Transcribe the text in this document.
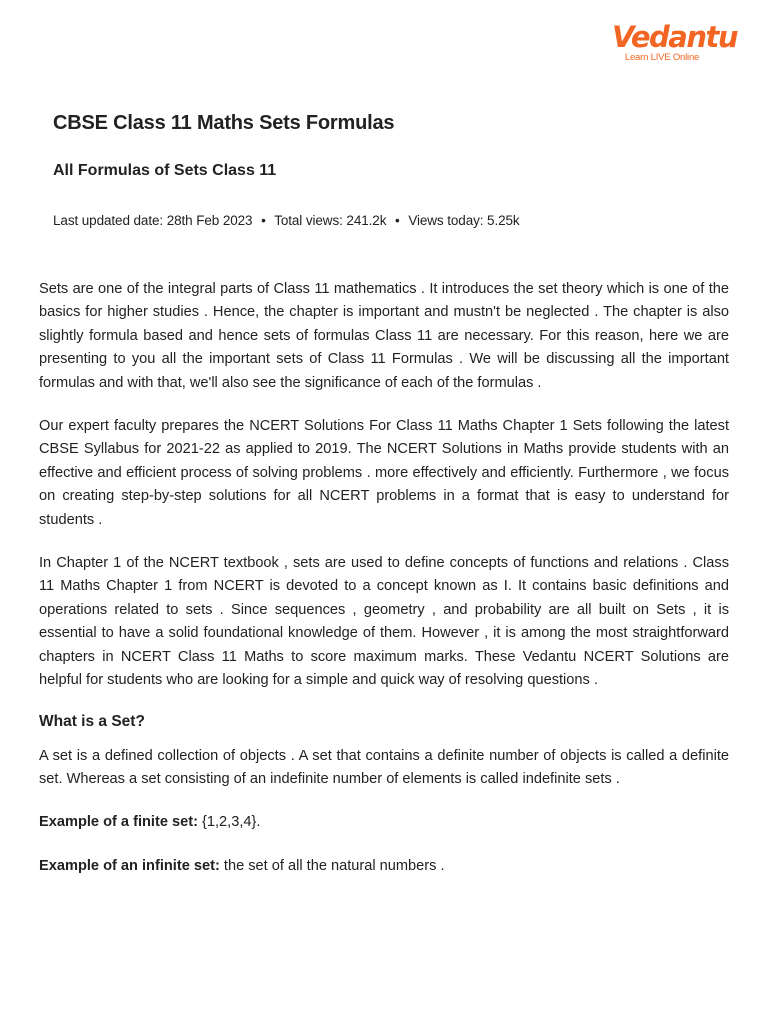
Vedantu
Learn LIVE Online
CBSE Class 11 Maths Sets Formulas
All Formulas of Sets Class 11
Last updated date: 28th Feb 2023 • Total views: 241.2k • Views today: 5.25k

Sets are one of the integral parts of Class 11 mathematics . It introduces the set theory which is one of the basics for higher studies . Hence, the chapter is important and mustn't be neglected . The chapter is also slightly formula based and hence sets of formulas Class 11 are necessary. For this reason, here we are presenting to you all the important sets of Class 11 Formulas . We will be discussing all the important formulas and with that, we'll also see the significance of each of the formulas .

Our expert faculty prepares the NCERT Solutions For Class 11 Maths Chapter 1 Sets following the latest CBSE Syllabus for 2021-22 as applied to 2019. The NCERT Solutions in Maths provide students with an effective and efficient process of solving problems . more effectively and efficiently. Furthermore , we focus on creating step-by-step solutions for all NCERT problems in a format that is easy to understand for students .

In Chapter 1 of the NCERT textbook , sets are used to define concepts of functions and relations . Class 11 Maths Chapter 1 from NCERT is devoted to a concept known as I. It contains basic definitions and operations related to sets . Since sequences , geometry , and probability are all built on Sets , it is essential to have a solid foundational knowledge of them. However , it is among the most straightforward chapters in NCERT Class 11 Maths to score maximum marks. These Vedantu NCERT Solutions are helpful for students who are looking for a simple and quick way of resolving questions .

What is a Set?

A set is a defined collection of objects . A set that contains a definite number of objects is called a definite set. Whereas a set consisting of an indefinite number of elements is called indefinite sets .

Example of a finite set: {1,2,3,4}.
Example of an infinite set: the set of all the natural numbers .
